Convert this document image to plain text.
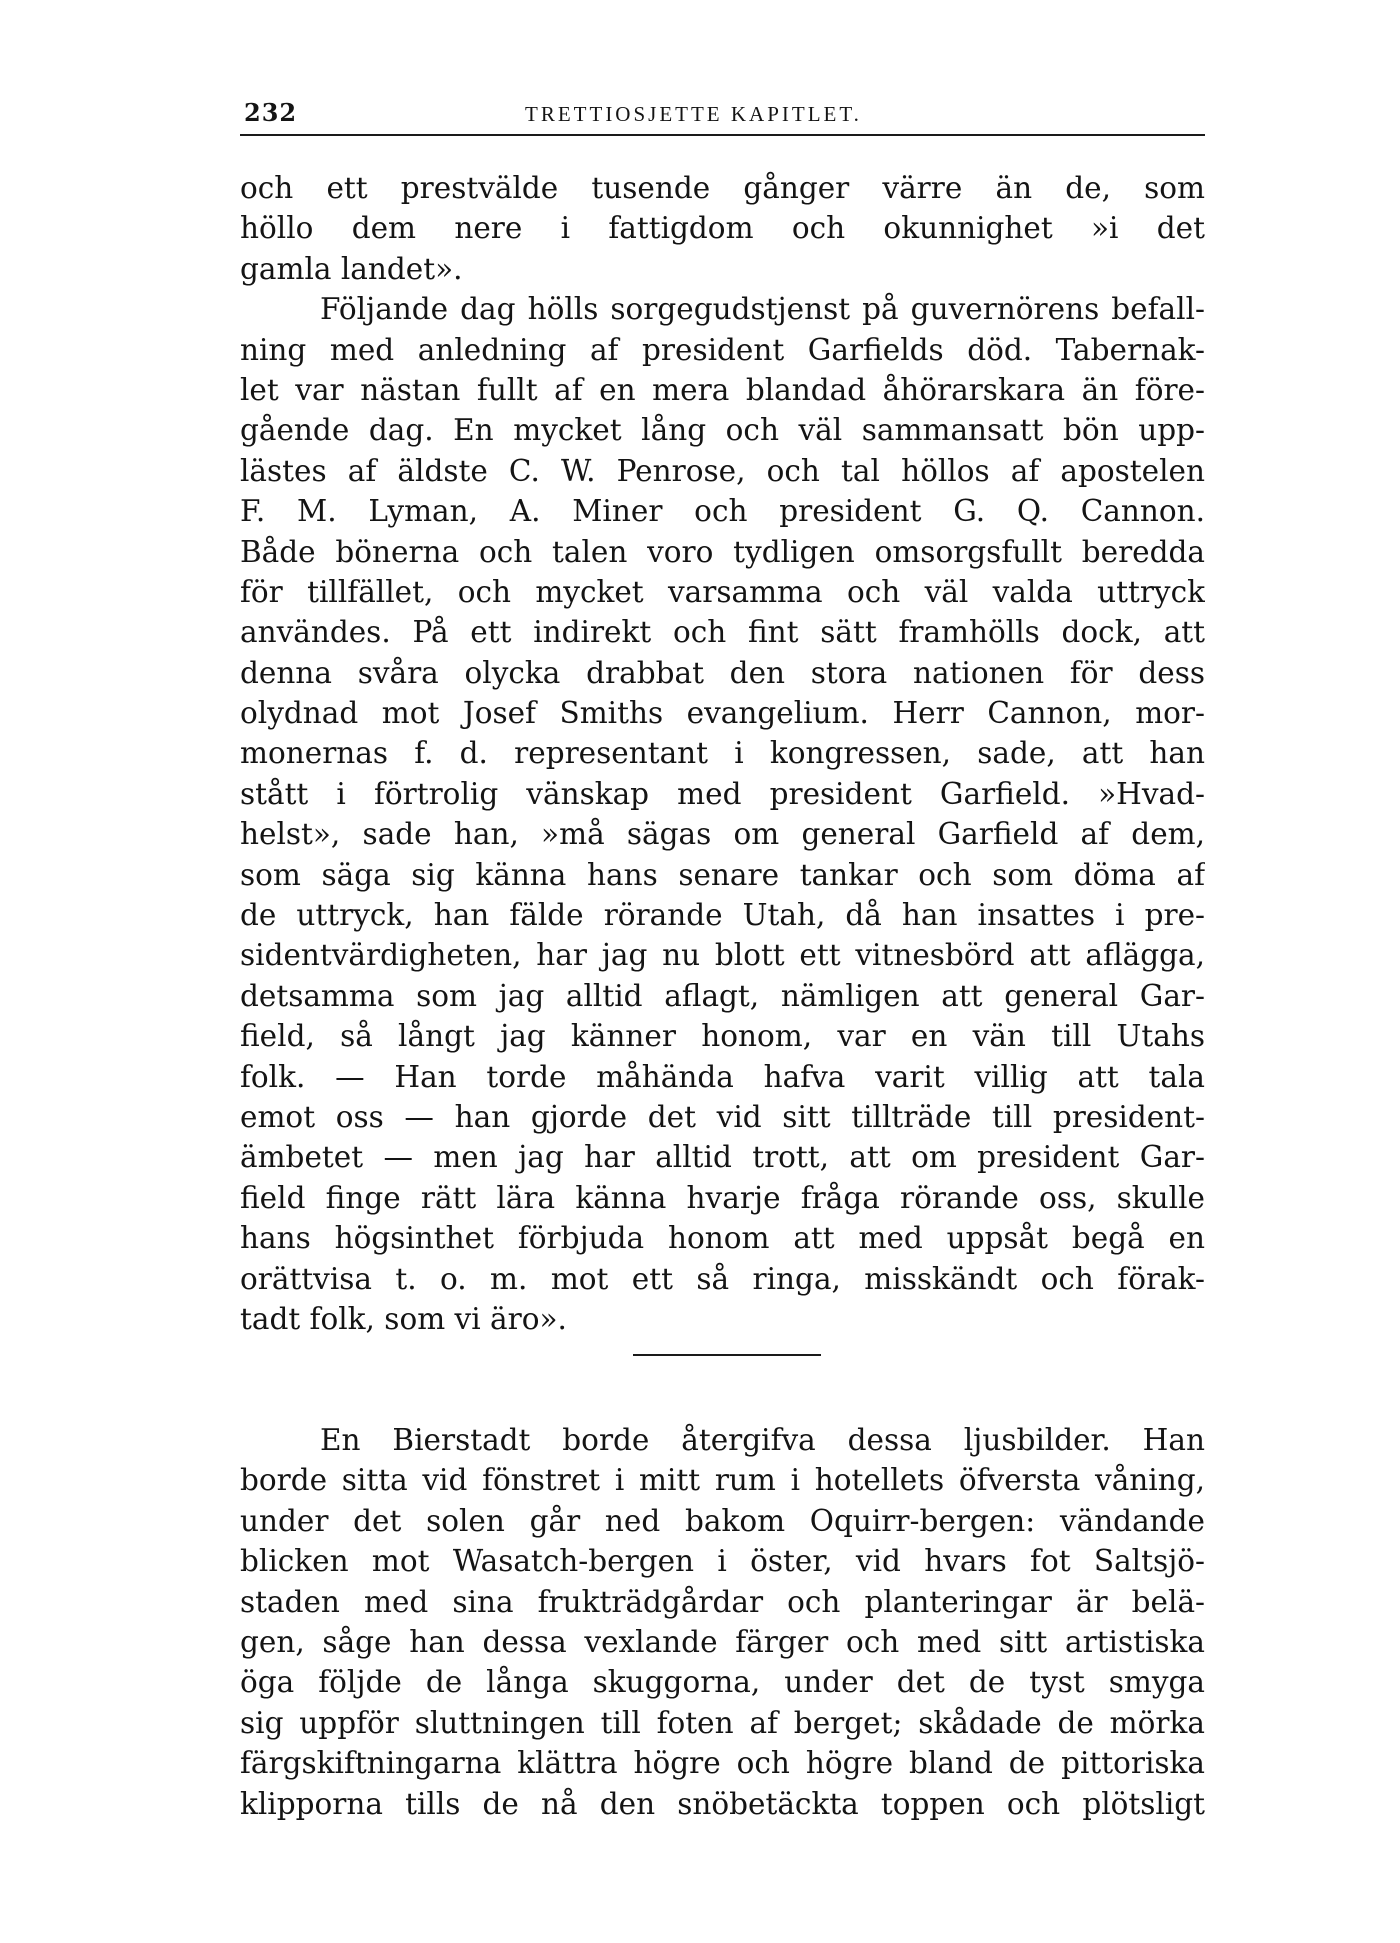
232	TRETTIOSJETTE KAPITLET.
och ett prestvälde tusende gånger värre än de, som
höllo dem nere i fattigdom och okunnighet »i det
gamla landet».
Följande dag hölls sorgegudstjenst på guvernörens befall-
ning med anledning af president Garfields död. Tabernak-
let var nästan fullt af en mera blandad åhörarskara än före-
gående dag. En mycket lång och väl sammansatt bön upp-
lästes af äldste C. W. Penrose, och tal höllos af apostelen
F. M. Lyman, A. Miner och president G. Q. Cannon.
Både bönerna och talen voro tydligen omsorgsfullt beredda
för tillfället, och mycket varsamma och väl valda uttryck
användes. På ett indirekt och fint sätt framhölls dock, att
denna svåra olycka drabbat den stora nationen för dess
olydnad mot Josef Smiths evangelium. Herr Cannon, mor-
monernas f. d. representant i kongressen, sade, att han
stått i förtrolig vänskap med president Garfield. »Hvad-
helst», sade han, »må sägas om general Garfield af dem,
som säga sig känna hans senare tankar och som döma af
de uttryck, han fälde rörande Utah, då han insattes i pre-
sidentvärdigheten, har jag nu blott ett vitnesbörd att aflägga,
detsamma som jag alltid aflagt, nämligen att general Gar-
field, så långt jag känner honom, var en vän till Utahs
folk. — Han torde måhända hafva varit villig att tala
emot oss — han gjorde det vid sitt tillträde till president-
ämbetet — men jag har alltid trott, att om president Gar-
field finge rätt lära känna hvarje fråga rörande oss, skulle
hans högsinthet förbjuda honom att med uppsåt begå en
orättvisa t. o. m. mot ett så ringa, misskändt och förak-
tadt folk, som vi äro».
En Bierstadt borde återgifva dessa ljusbilder. Han
borde sitta vid fönstret i mitt rum i hotellets öfversta våning,
under det solen går ned bakom Oquirr-bergen: vändande
blicken mot Wasatch-bergen i öster, vid hvars fot Saltsjö-
staden med sina frukträdgårdar och planteringar är belä-
gen, såge han dessa vexlande färger och med sitt artistiska
öga följde de långa skuggorna, under det de tyst smyga
sig uppför sluttningen till foten af berget; skådade de mörka
färgskiftningarna klättra högre och högre bland de pittoriska
klipporna tills de nå den snöbetäckta toppen och plötsligt
